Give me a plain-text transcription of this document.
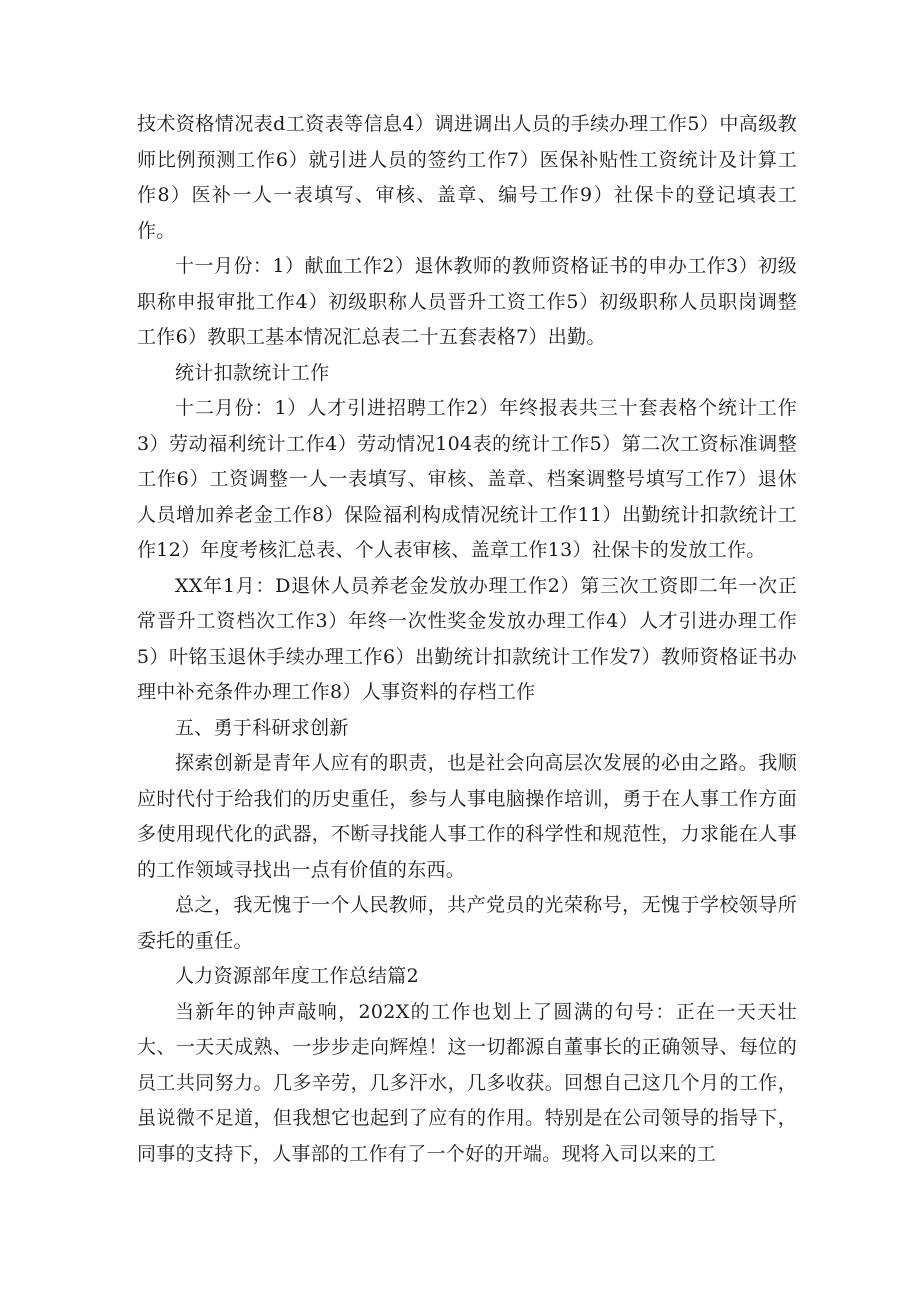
技术资格情况表d工资表等信息4）调进调出人员的手续办理工作5）中高级教师比例预测工作6）就引进人员的签约工作7）医保补贴性工资统计及计算工作8）医补一人一表填写、审核、盖章、编号工作9）社保卡的登记填表工作。

十一月份：1）献血工作2）退休教师的教师资格证书的申办工作3）初级职称申报审批工作4）初级职称人员晋升工资工作5）初级职称人员职岗调整工作6）教职工基本情况汇总表二十五套表格7）出勤。

统计扣款统计工作

十二月份：1）人才引进招聘工作2）年终报表共三十套表格个统计工作3）劳动福利统计工作4）劳动情况104表的统计工作5）第二次工资标准调整工作6）工资调整一人一表填写、审核、盖章、档案调整号填写工作7）退休人员增加养老金工作8）保险福利构成情况统计工作11）出勤统计扣款统计工作12）年度考核汇总表、个人表审核、盖章工作13）社保卡的发放工作。

XX年1月：D退休人员养老金发放办理工作2）第三次工资即二年一次正常晋升工资档次工作3）年终一次性奖金发放办理工作4）人才引进办理工作5）叶铭玉退休手续办理工作6）出勤统计扣款统计工作发7）教师资格证书办理中补充条件办理工作8）人事资料的存档工作

五、勇于科研求创新

探索创新是青年人应有的职责，也是社会向高层次发展的必由之路。我顺应时代付于给我们的历史重任，参与人事电脑操作培训，勇于在人事工作方面多使用现代化的武器，不断寻找能人事工作的科学性和规范性，力求能在人事的工作领域寻找出一点有价值的东西。

总之，我无愧于一个人民教师，共产党员的光荣称号，无愧于学校领导所委托的重任。

人力资源部年度工作总结篇2

当新年的钟声敲响，202X的工作也划上了圆满的句号：正在一天天壮大、一天天成熟、一步步走向辉煌！这一切都源自董事长的正确领导、每位的员工共同努力。几多辛劳，几多汗水，几多收获。回想自己这几个月的工作，虽说微不足道，但我想它也起到了应有的作用。特别是在公司领导的指导下，同事的支持下，人事部的工作有了一个好的开端。现将入司以来的工
